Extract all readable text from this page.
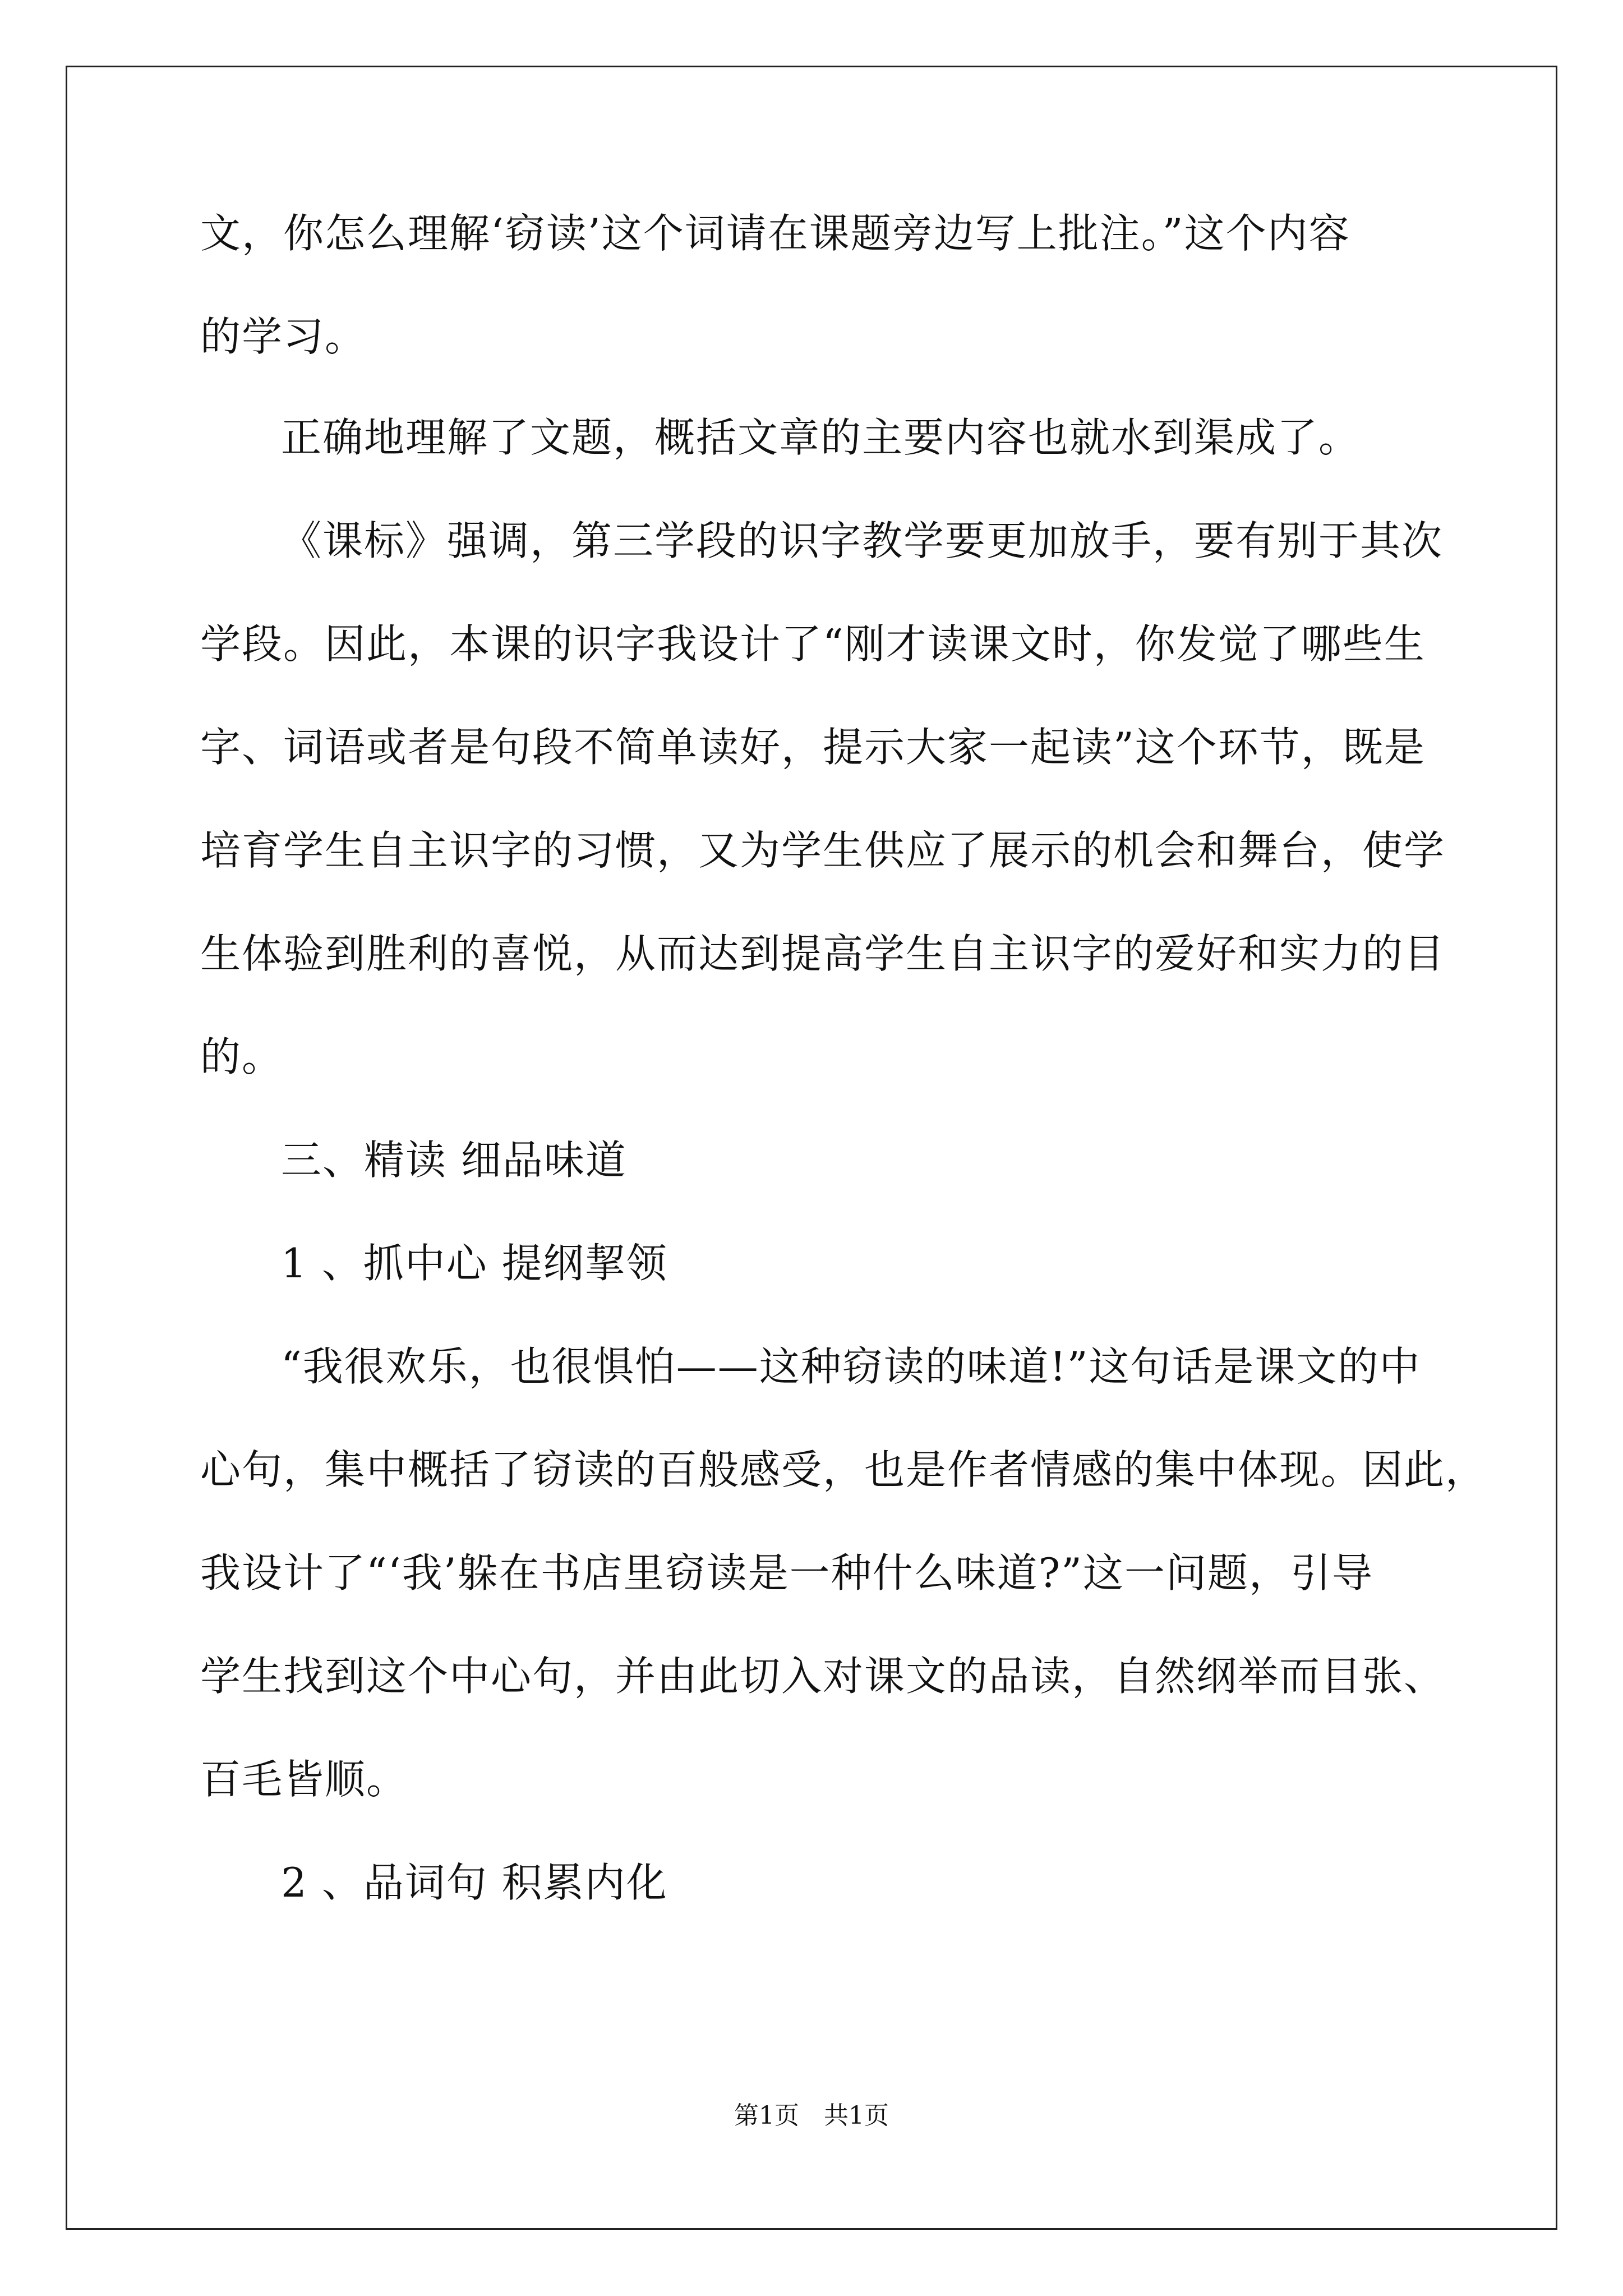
文，你怎么理解‘窃读’这个词请在课题旁边写上批注。”这个内容

的学习。

正确地理解了文题，概括文章的主要内容也就水到渠成了。

《课标》强调，第三学段的识字教学要更加放手，要有别于其次

学段。因此，本课的识字我设计了“刚才读课文时，你发觉了哪些生

字、词语或者是句段不简单读好，提示大家一起读”这个环节，既是

培育学生自主识字的习惯，又为学生供应了展示的机会和舞台，使学

生体验到胜利的喜悦，从而达到提高学生自主识字的爱好和实力的目

的。

三、精读 细品味道

1 、抓中心 提纲挈领

“我很欢乐，也很惧怕——这种窃读的味道!”这句话是课文的中

心句，集中概括了窃读的百般感受，也是作者情感的集中体现。因此，

我设计了“‘我’躲在书店里窃读是一种什么味道?”这一问题，引导

学生找到这个中心句，并由此切入对课文的品读，自然纲举而目张、

百毛皆顺。

2 、品词句 积累内化

第1页　共1页
